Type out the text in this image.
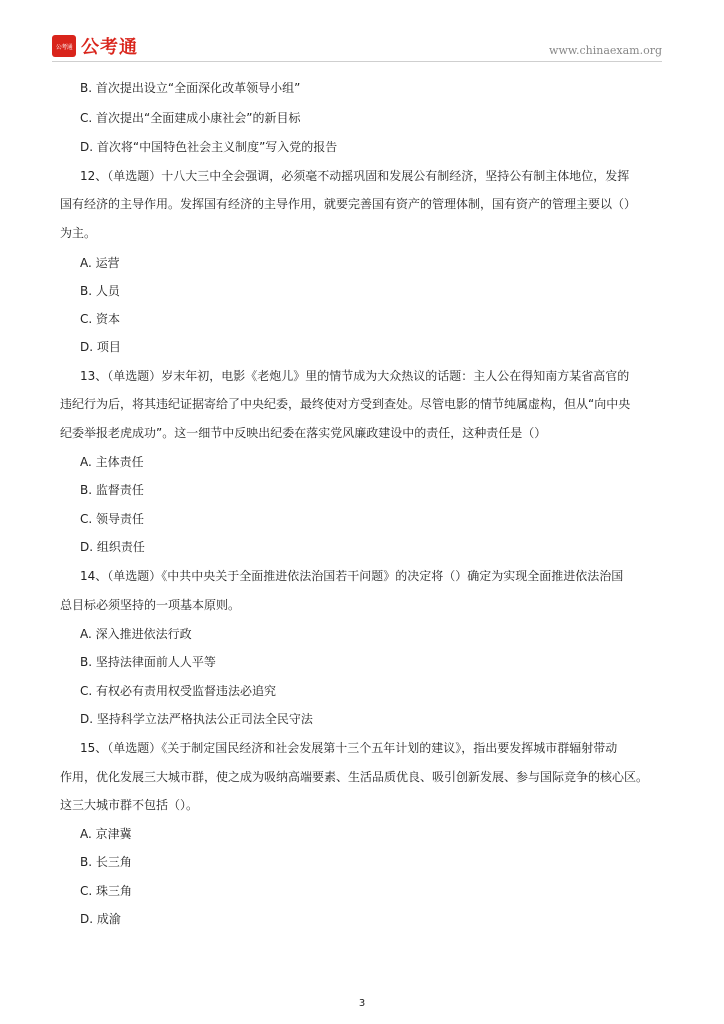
公考通 公考通	www.chinaexam.org
B. 首次提出设立“全面深化改革领导小组”
C. 首次提出“全面建成小康社会”的新目标
D. 首次将“中国特色社会主义制度”写入党的报告
12、（单选题）十八大三中全会强调，必须毫不动摇巩固和发展公有制经济，坚持公有制主体地位，发挥
国有经济的主导作用。发挥国有经济的主导作用，就要完善国有资产的管理体制，国有资产的管理主要以（）
为主。
A. 运营
B. 人员
C. 资本
D. 项目
13、（单选题）岁末年初，电影《老炮儿》里的情节成为大众热议的话题：主人公在得知南方某省高官的
违纪行为后，将其违纪证据寄给了中央纪委，最终使对方受到查处。尽管电影的情节纯属虚构，但从“向中央
纪委举报老虎成功”。这一细节中反映出纪委在落实党风廉政建设中的责任，这种责任是（）
A. 主体责任
B. 监督责任
C. 领导责任
D. 组织责任
14、（单选题）《中共中央关于全面推进依法治国若干问题》的决定将（）确定为实现全面推进依法治国
总目标必须坚持的一项基本原则。
A. 深入推进依法行政
B. 坚持法律面前人人平等
C. 有权必有责用权受监督违法必追究
D. 坚持科学立法严格执法公正司法全民守法
15、（单选题）《关于制定国民经济和社会发展第十三个五年计划的建议》，指出要发挥城市群辐射带动
作用，优化发展三大城市群，使之成为吸纳高端要素、生活品质优良、吸引创新发展、参与国际竞争的核心区。
这三大城市群不包括（）。
A. 京津冀
B. 长三角
C. 珠三角
D. 成渝
3
